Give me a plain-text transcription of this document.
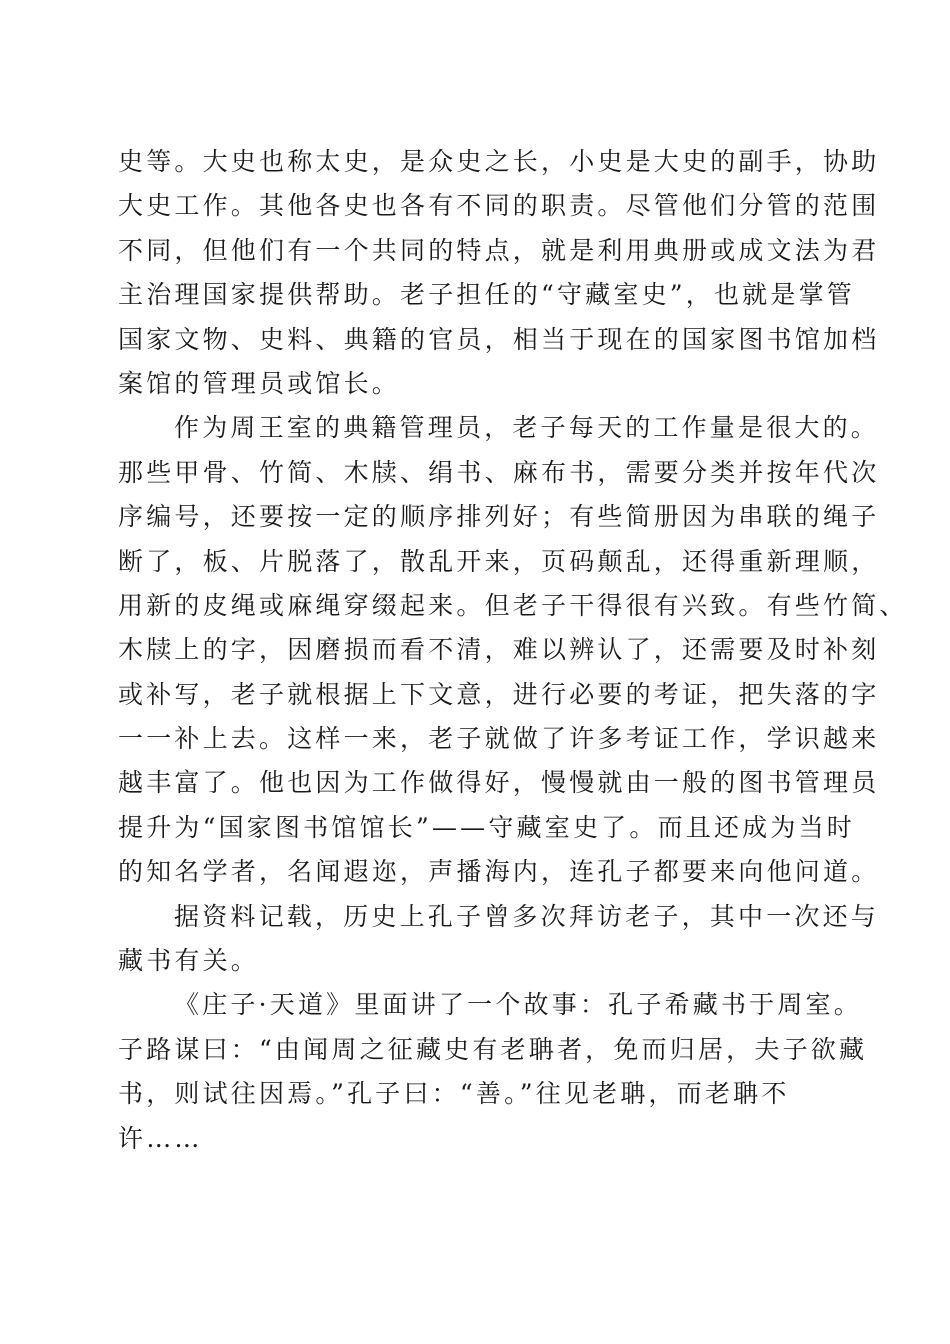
史等。大史也称太史，是众史之长，小史是大史的副手，协助
大史工作。其他各史也各有不同的职责。尽管他们分管的范围
不同，但他们有一个共同的特点，就是利用典册或成文法为君
主治理国家提供帮助。老子担任的“守藏室史”，也就是掌管
国家文物、史料、典籍的官员，相当于现在的国家图书馆加档
案馆的管理员或馆长。
作为周王室的典籍管理员，老子每天的工作量是很大的。
那些甲骨、竹简、木牍、绢书、麻布书，需要分类并按年代次
序编号，还要按一定的顺序排列好；有些简册因为串联的绳子
断了，板、片脱落了，散乱开来，页码颠乱，还得重新理顺，
用新的皮绳或麻绳穿缀起来。但老子干得很有兴致。有些竹简、
木牍上的字，因磨损而看不清，难以辨认了，还需要及时补刻
或补写，老子就根据上下文意，进行必要的考证，把失落的字
一一补上去。这样一来，老子就做了许多考证工作，学识越来
越丰富了。他也因为工作做得好，慢慢就由一般的图书管理员
提升为“国家图书馆馆长”——守藏室史了。而且还成为当时
的知名学者，名闻遐迩，声播海内，连孔子都要来向他问道。
据资料记载，历史上孔子曾多次拜访老子，其中一次还与
藏书有关。
《庄子·天道》里面讲了一个故事：孔子希藏书于周室。
子路谋曰：“由闻周之征藏史有老聃者，免而归居，夫子欲藏
书，则试往因焉。”孔子曰：“善。”往见老聃，而老聃不
许……
